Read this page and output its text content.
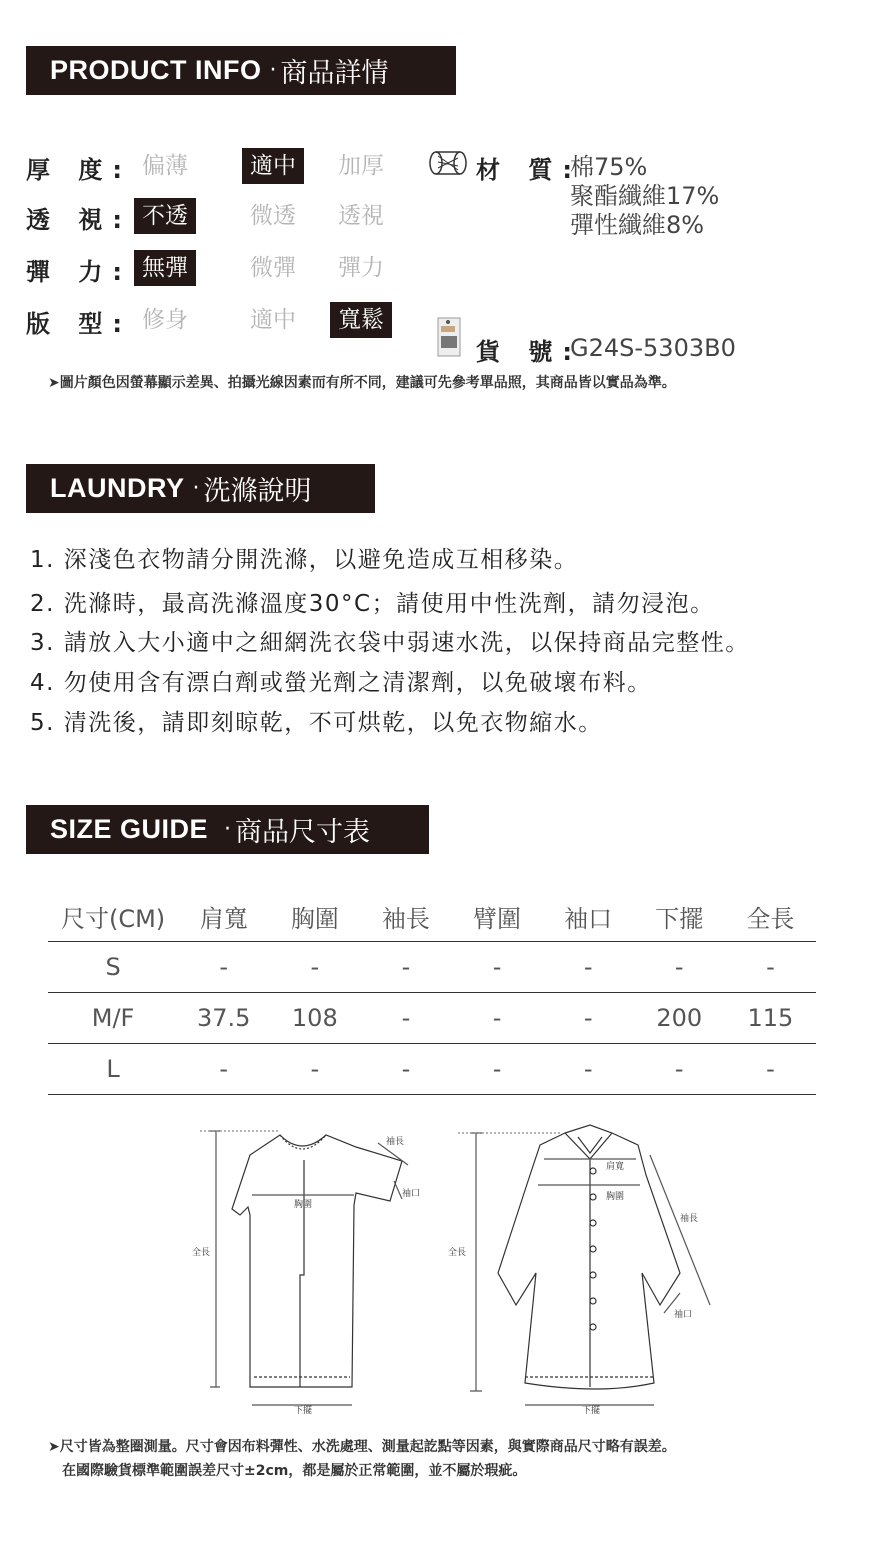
PRODUCT INFO · 商品詳情
厚 度: 偏薄	適中	加厚
透 視: 不透	微透	透視
彈 力: 無彈	微彈	彈力
版 型: 修身	適中	寬鬆
材 質:
棉75%
聚酯纖維17%
彈性纖維8%
貨 號:
G24S-5303B0
➤圖片顏色因螢幕顯示差異、拍攝光線因素而有所不同，建議可先參考單品照，其商品皆以實品為準。
LAUNDRY · 洗滌說明
1. 深淺色衣物請分開洗滌，以避免造成互相移染。
2. 洗滌時，最高洗滌溫度30°C；請使用中性洗劑，請勿浸泡。
3. 請放入大小適中之細網洗衣袋中弱速水洗，以保持商品完整性。
4. 勿使用含有漂白劑或螢光劑之清潔劑，以免破壞布料。
5. 清洗後，請即刻晾乾，不可烘乾，以免衣物縮水。
SIZE GUIDE · 商品尺寸表
尺寸(CM)	肩寬	胸圍	袖長	臂圍	袖口	下擺	全長
S	-	-	-	-	-	-	-
M/F	37.5	108	-	-	-	200	115
L	-	-	-	-	-	-	-
袖長
袖口
胸圍
全長
下擺
肩寬
胸圍
袖長
袖口
全長
下擺
➤尺寸皆為整圈測量。尺寸會因布料彈性、水洗處理、測量起訖點等因素，與實際商品尺寸略有誤差。
在國際驗貨標準範圍誤差尺寸±2cm，都是屬於正常範圍，並不屬於瑕疵。
